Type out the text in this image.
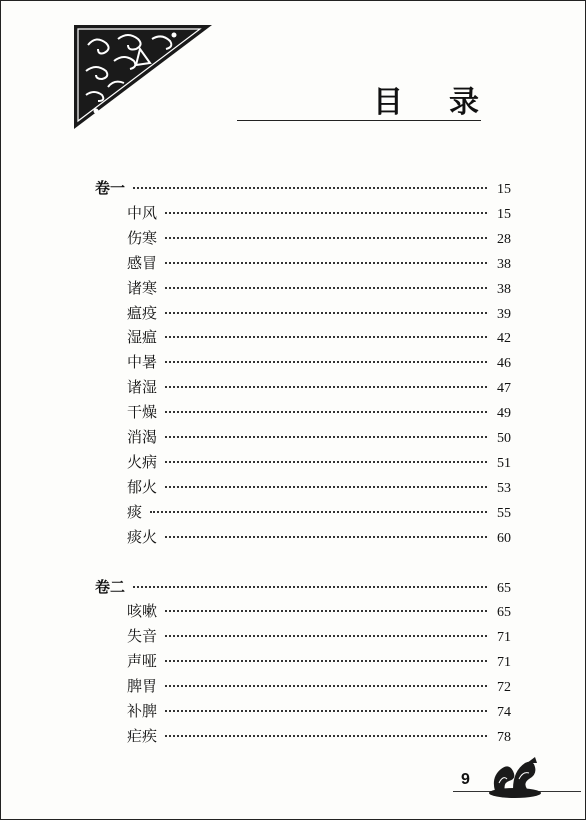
目录
卷一	15
中风	15
伤寒	28
感冒	38
诸寒	38
瘟疫	39
湿瘟	42
中暑	46
诸湿	47
干燥	49
消渴	50
火病	51
郁火	53
痰	55
痰火	60
卷二	65
咳嗽	65
失音	71
声哑	71
脾胃	72
补脾	74
疟疾	78
9
